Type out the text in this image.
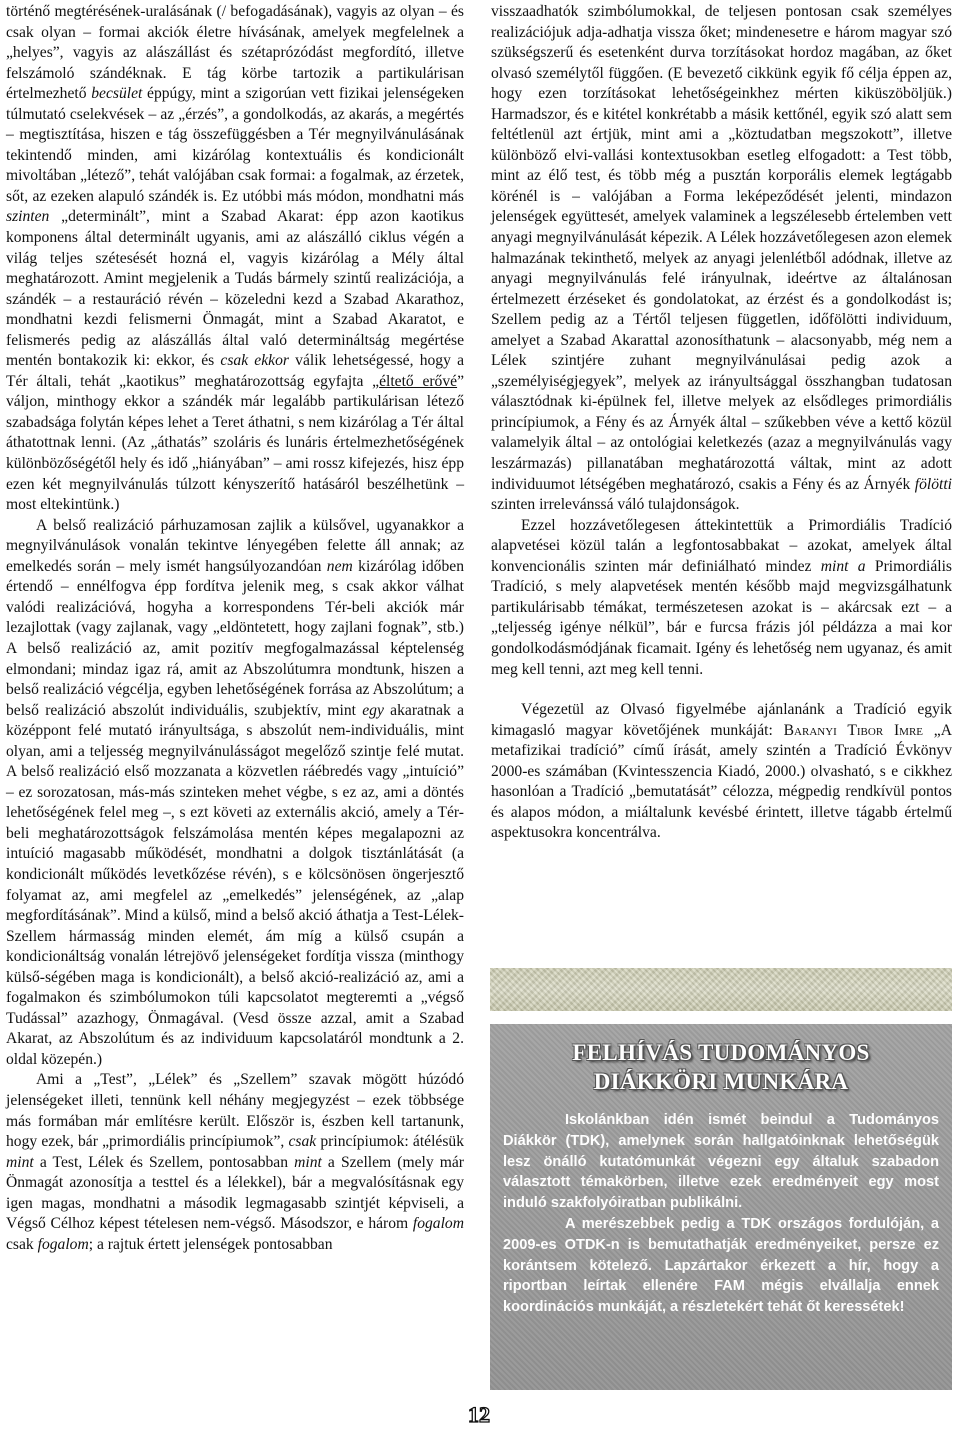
történő megtérésének-uralásának (/ befogadásának), vagyis az olyan – és csak olyan – formai akciók életre hívásának, amelyek megfelelnek a „helyes”, vagyis az alászállást és szétaprózódást megfordító, illetve felszámoló szándéknak. E tág körbe tartozik a partikulárisan értelmezhető becsület éppúgy, mint a szigorúan vett fizikai jelenségeken túlmutató cselekvések – az „érzés”, a gondolkodás, az akarás, a megértés – megtisztítása, hiszen e tág összefüggésben a Tér megnyilvánulásának tekintendő minden, ami kizárólag kontextuális és kondicionált mivoltában „létező”, tehát valójában csak formai: a fogalmak, az érzetek, sőt, az ezeken alapuló szándék is. Ez utóbbi más módon, mondhatni más szinten „determinált”, mint a Szabad Akarat: épp azon kaotikus komponens által determinált ugyanis, ami az alászálló ciklus végén a világ teljes szétesését hozná el, vagyis kizárólag a Mély által meghatározott. Amint megjelenik a Tudás bármely szintű realizációja, a szándék – a restauráció révén – közeledni kezd a Szabad Akarathoz, mondhatni kezdi felismerni Önmagát, mint a Szabad Akaratot, e felismerés pedig az alászállás által való determináltság megértése mentén bontakozik ki: ekkor, és csak ekkor válik lehetségessé, hogy a Tér általi, tehát „kaotikus” meghatározottság egyfajta „éltető erővé” váljon, minthogy ekkor a szándék már legalább partikulárisan létező szabadsága folytán képes lehet a Teret áthatni, s nem kizárólag a Tér által áthatottnak lenni. (Az „áthatás” szoláris és lunáris értelmezhetőségének különbözőségétől hely és idő „hiányában” – ami rossz kifejezés, hisz épp ezen két megnyilvánulás túlzott kényszerítő hatásáról beszélhetünk – most eltekintünk.)

A belső realizáció párhuzamosan zajlik a külsővel, ugyanakkor a megnyilvánulások vonalán tekintve lényegében felette áll annak; az emelkedés során – mely ismét hangsúlyozandóan nem kizárólag időben értendő – ennélfogva épp fordítva jelenik meg, s csak akkor válhat valódi realizációvá, hogyha a korrespondens Tér-beli akciók már lezajlottak (vagy zajlanak, vagy „eldöntetett, hogy zajlani fognak”, stb.) A belső realizáció az, amit pozitív megfogalmazással képtelenség elmondani; mindaz igaz rá, amit az Abszolútumra mondtunk, hiszen a belső realizáció végcélja, egyben lehetőségének forrása az Abszolútum; a belső realizáció abszolút individuális, szubjektív, mint egy akaratnak a középpont felé mutató irányultsága, s abszolút nem-individuális, mint olyan, ami a teljesség megnyilvánulásságot megelőző szintje felé mutat. A belső realizáció első mozzanata a közvetlen ráébredés vagy „intuíció” – ez sorozatosan, más-más szinteken mehet végbe, s ez az, ami a döntés lehetőségének felel meg –, s ezt követi az externális akció, amely a Tér-beli meghatározottságok felszámolása mentén képes megalapozni az intuíció magasabb működését, mondhatni a dolgok tisztánlátását (a kondicionált működés levetkőzése révén), s e kölcsönösen öngerjesztő folyamat az, ami megfelel az „emelkedés” jelenségének, az „alap megfordításának”. Mind a külső, mind a belső akció áthatja a Test-Lélek-Szellem hármasság minden elemét, ám míg a külső csupán a kondicionáltság vonalán létrejövő jelenségeket fordítja vissza (minthogy külső-ségében maga is kondicionált), a belső akció-realizáció az, ami a fogalmakon és szimbólumokon túli kapcsolatot megteremti a „végső Tudással” azazhogy, Önmagával. (Vesd össze azzal, amit a Szabad Akarat, az Abszolútum és az individuum kapcsolatáról mondtunk a 2. oldal közepén.)

Ami a „Test”, „Lélek” és „Szellem” szavak mögött húzódó jelenségeket illeti, tennünk kell néhány megjegyzést – ezek többsége más formában már említésre került. Először is, észben kell tartanunk, hogy ezek, bár „primordiális princípiumok”, csak princípiumok: átélésük mint a Test, Lélek és Szellem, pontosabban mint a Szellem (mely már Önmagát azonosítja a testtel és a lélekkel), bár a megvalósításnak egy igen magas, mondhatni a második legmagasabb szintjét képviseli, a Végső Célhoz képest tételesen nem-végső. Másodszor, e három fogalom csak fogalom; a rajtuk értett jelenségek pontosabban

visszaadhatók szimbólumokkal, de teljesen pontosan csak személyes realizációjuk adja-adhatja vissza őket; mindenesetre e három magyar szó szükségszerű és esetenként durva torzításokat hordoz magában, az őket olvasó személytől függően. (E bevezető cikkünk egyik fő célja éppen az, hogy ezen torzításokat lehetőségeinkhez mérten kiküszöböljük.) Harmadszor, és e kitétel konkrétabb a másik kettőnél, egyik szó alatt sem feltétlenül azt értjük, mint ami a „köztudatban megszokott”, illetve különböző elvi-vallási kontextusokban esetleg elfogadott: a Test több, mint az élő test, és több még a pusztán korporális elemek legtágabb körénél is – valójában a Forma leképeződését jelenti, mindazon jelenségek együttesét, amelyek valaminek a legszélesebb értelemben vett anyagi megnyilvánulását képezik. A Lélek hozzávetőlegesen azon elemek halmazának tekinthető, melyek az anyagi jelenlétből adódnak, illetve az anyagi megnyilvánulás felé irányulnak, ideértve az általánosan értelmezett érzéseket és gondolatokat, az érzést és a gondolkodást is; Szellem pedig az a Tértől teljesen független, időfölötti individuum, amelyet a Szabad Akarattal azonosíthatunk – alacsonyabb, még nem a Lélek szintjére zuhant megnyilvánulásai pedig azok a „személyiségjegyek”, melyek az irányultsággal összhangban tudatosan választódnak ki-épülnek fel, illetve melyek az elsődleges primordiális princípiumok, a Fény és az Árnyék által – szűkebben véve a kettő közül valamelyik által – az ontológiai keletkezés (azaz a megnyilvánulás vagy leszármazás) pillanatában meghatározottá váltak, mint az adott individuumot létségében meghatározó, csakis a Fény és az Árnyék fölötti szinten irrelevánssá váló tulajdonságok.

Ezzel hozzávetőlegesen áttekintettük a Primordiális Tradíció alapvetései közül talán a legfontosabbakat – azokat, amelyek által konvencionális szinten már definiálható mindez mint a Primordiális Tradíció, s mely alapvetések mentén később majd megvizsgálhatunk partikulárisabb témákat, természetesen azokat is – akárcsak ezt – a „teljesség igénye nélkül”, bár e furcsa frázis jól példázza a mai kor gondolkodásmódjának ficamait. Igény és lehetőség nem ugyanaz, és amit meg kell tenni, azt meg kell tenni.

Végezetül az Olvasó figyelmébe ajánlanánk a Tradíció egyik kimagasló magyar követőjének munkáját: Baranyi Tibor Imre „A metafizikai tradíció” című írását, amely szintén a Tradíció Évkönyv 2000-es számában (Kvintesszencia Kiadó, 2000.) olvasható, s e cikkhez hasonlóan a Tradíció „bemutatását” célozza, mégpedig rendkívül pontos és alapos módon, a miáltalunk kevésbé érintett, illetve tágabb értelmű aspektusokra koncentrálva.

FELHÍVÁS TUDOMÁNYOS
DIÁKKÖRI MUNKÁRA

Iskolánkban idén ismét beindul a Tudományos Diákkör (TDK), amelynek során hallgatóinknak lehetőségük lesz önálló kutatómunkát végezni egy általuk szabadon választott témakörben, illetve ezek eredményeit egy most induló szakfolyóiratban publikálni.

A merészebbek pedig a TDK országos fordulóján, a 2009-es OTDK-n is bemutathatják eredményeiket, persze ez korántsem kötelező. Lapzártakor érkezett a hír, hogy a riportban leírtak ellenére FAM mégis elvállalja ennek koordinációs munkáját, a részletekért tehát őt keressétek!

12
